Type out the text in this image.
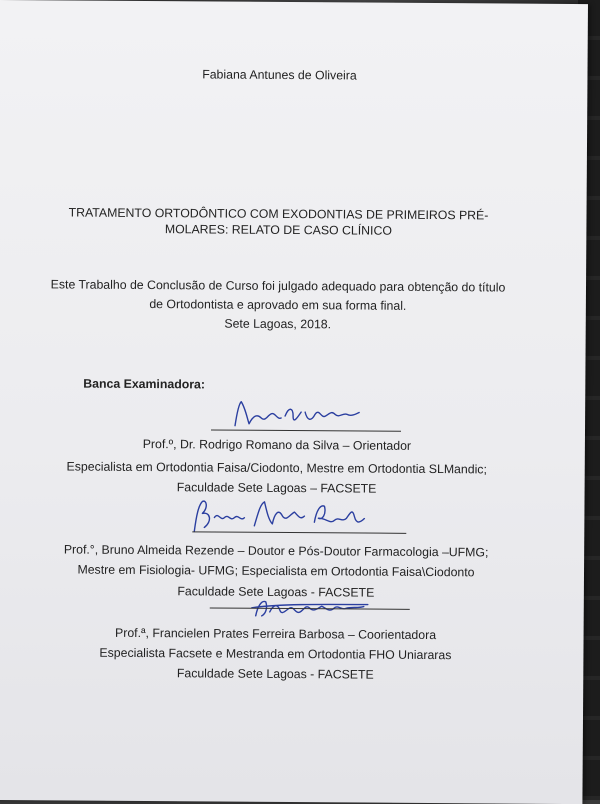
Fabiana Antunes de Oliveira
TRATAMENTO ORTODÔNTICO COM EXODONTIAS DE PRIMEIROS PRÉ-
MOLARES: RELATO DE CASO CLÍNICO
Este Trabalho de Conclusão de Curso foi julgado adequado para obtenção do título
de Ortodontista e aprovado em sua forma final.
Sete Lagoas, 2018.
Banca Examinadora:
Prof.º, Dr. Rodrigo Romano da Silva – Orientador
Especialista em Ortodontia Faisa/Ciodonto, Mestre em Ortodontia SLMandic;
Faculdade Sete Lagoas – FACSETE
Prof.°, Bruno Almeida Rezende – Doutor e Pós-Doutor Farmacologia –UFMG;
Mestre em Fisiologia- UFMG; Especialista em Ortodontia Faisa\Ciodonto
Faculdade Sete Lagoas - FACSETE
Prof.ª, Francielen Prates Ferreira Barbosa – Coorientadora
Especialista Facsete e Mestranda em Ortodontia FHO Uniararas
Faculdade Sete Lagoas - FACSETE
